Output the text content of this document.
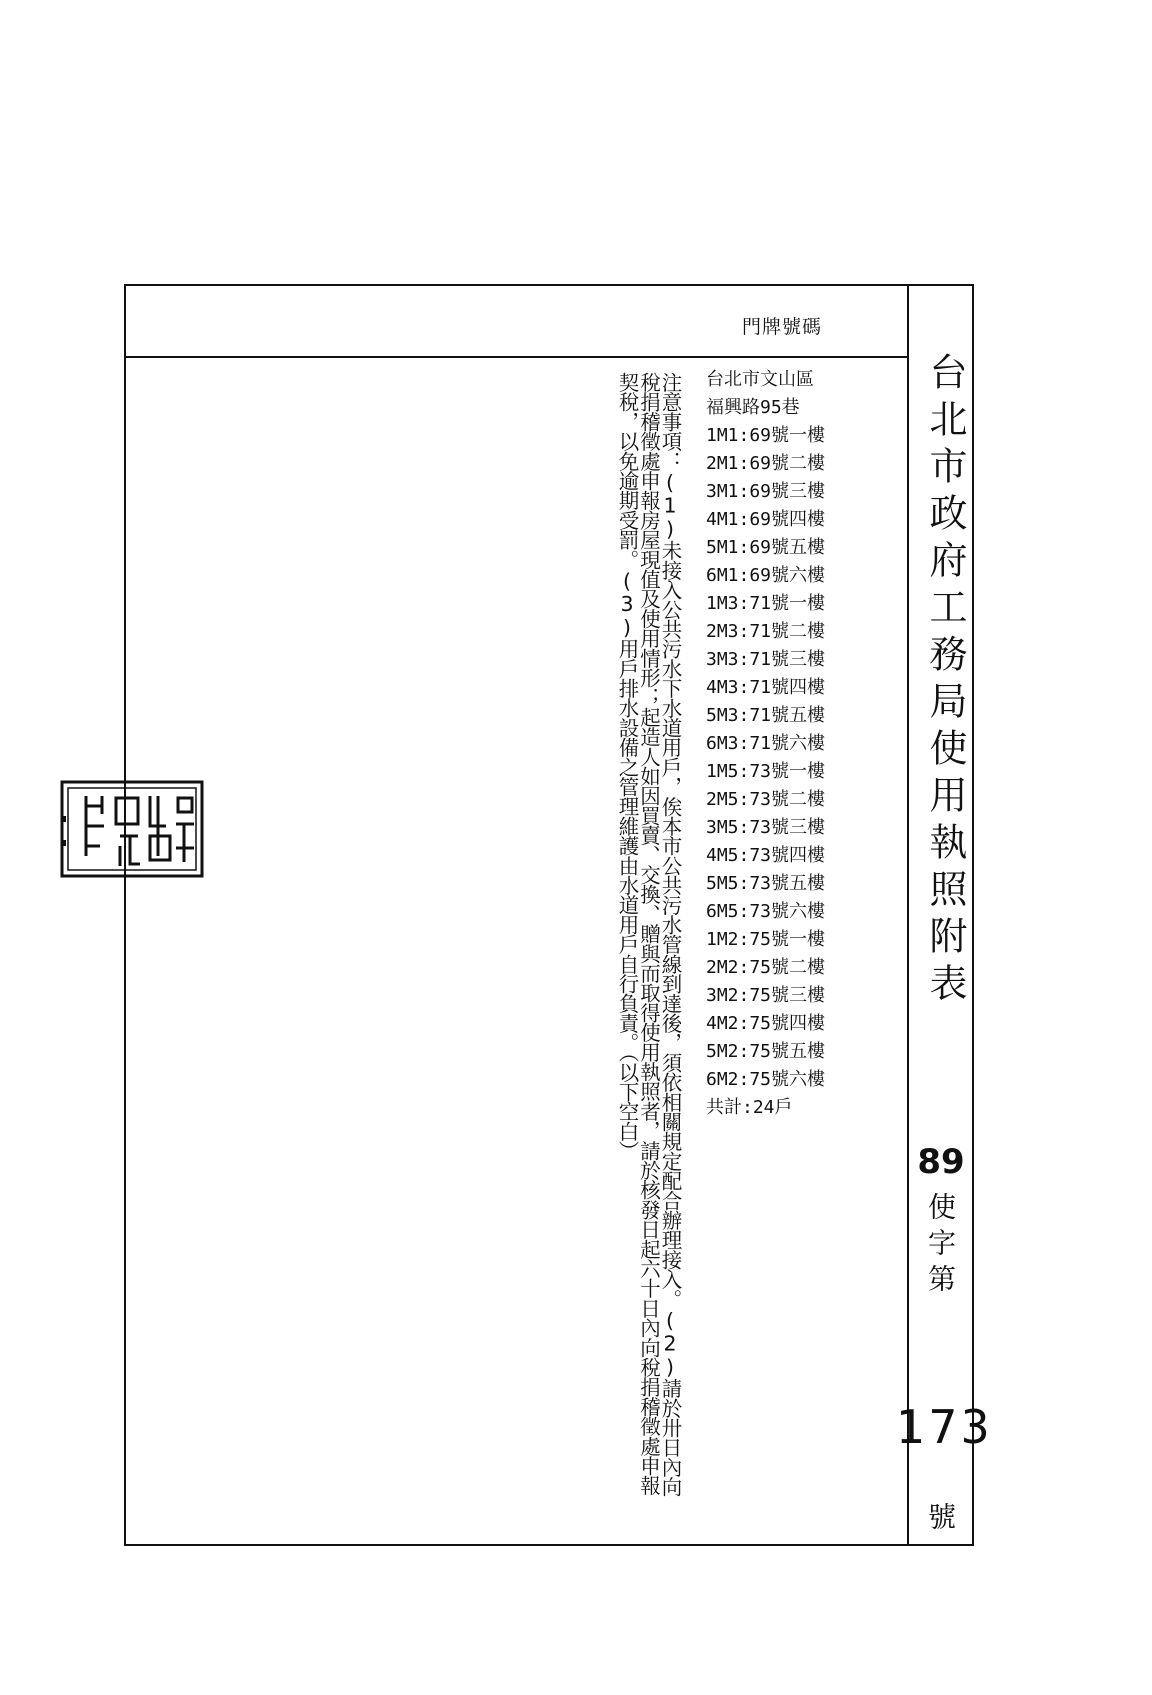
門牌號碼
台北市政府工務局使用執照附表
89
使字第
173
號
台北市文山區
福興路95巷
1M1:69號一樓
2M1:69號二樓
3M1:69號三樓
4M1:69號四樓
5M1:69號五樓
6M1:69號六樓
1M3:71號一樓
2M3:71號二樓
3M3:71號三樓
4M3:71號四樓
5M3:71號五樓
6M3:71號六樓
1M5:73號一樓
2M5:73號二樓
3M5:73號三樓
4M5:73號四樓
5M5:73號五樓
6M5:73號六樓
1M2:75號一樓
2M2:75號二樓
3M2:75號三樓
4M2:75號四樓
5M2:75號五樓
6M2:75號六樓
共計:24戶
注意事項：(1)未接入公共污水下水道用戶，俟本市公共污水管線到達後，須依相關規定配合辦理接入。(2)請於卅日內向稅捐稽徵處申報房屋現值及使用情形；起造人如因買賣、交換、贈與而取得使用執照者，請於核發日起六十日內向稅捐稽徵處申報契稅，以免逾期受罰。(3)用戶排水設備之管理維護由水道用戶自行負責。（以下空白）
